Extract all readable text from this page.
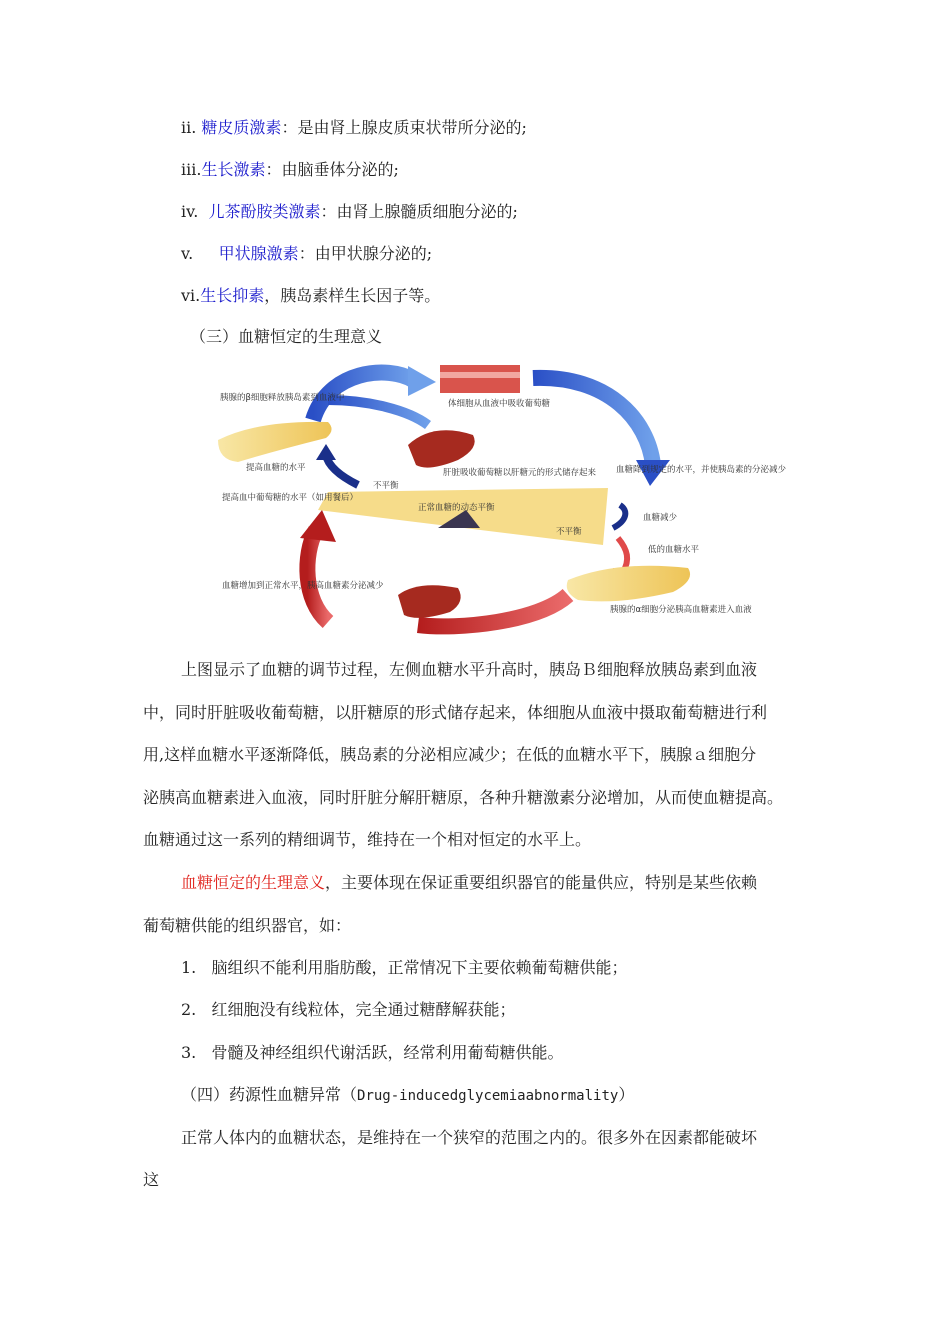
ii. 糖皮质激素：是由肾上腺皮质束状带所分泌的;
iii.生长激素：由脑垂体分泌的;
iv. 儿茶酚胺类激素：由肾上腺髓质细胞分泌的;
v. 甲状腺激素：由甲状腺分泌的;
vi.生长抑素，胰岛素样生长因子等。
（三）血糖恒定的生理意义
胰腺的β细胞释放胰岛素到血液中
体细胞从血液中吸收葡萄糖
肝脏吸收葡萄糖以肝糖元的形式储存起来
提高血糖的水平
提高血中葡萄糖的水平（如用餐后）
不平衡
正常血糖的动态平衡
不平衡
血糖降到规定的水平，并使胰岛素的分泌减少
血糖减少
低的血糖水平
胰腺的α细胞分泌胰高血糖素进入血液
血糖增加到正常水平，胰高血糖素分泌减少
上图显示了血糖的调节过程，左侧血糖水平升高时，胰岛Ｂ细胞释放胰岛素到血液
中，同时肝脏吸收葡萄糖，以肝糖原的形式储存起来，体细胞从血液中摄取葡萄糖进行利
用,这样血糖水平逐渐降低，胰岛素的分泌相应减少；在低的血糖水平下，胰腺ａ细胞分
泌胰高血糖素进入血液，同时肝脏分解肝糖原，各种升糖激素分泌增加，从而使血糖提高。
血糖通过这一系列的精细调节，维持在一个相对恒定的水平上。
血糖恒定的生理意义，主要体现在保证重要组织器官的能量供应，特别是某些依赖
葡萄糖供能的组织器官，如：
1. 脑组织不能利用脂肪酸，正常情况下主要依赖葡萄糖供能；
2. 红细胞没有线粒体，完全通过糖酵解获能；
3. 骨髓及神经组织代谢活跃，经常利用葡萄糖供能。
（四）药源性血糖异常（Drug-inducedglycemiaabnormality）
正常人体内的血糖状态，是维持在一个狭窄的范围之内的。很多外在因素都能破坏
这
